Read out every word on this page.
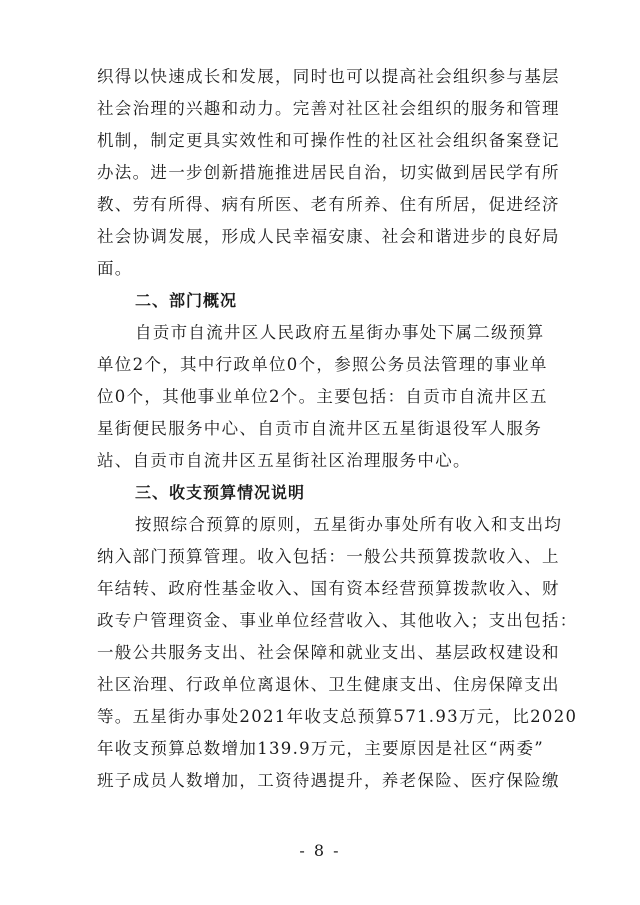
织得以快速成长和发展，同时也可以提高社会组织参与基层
社会治理的兴趣和动力。完善对社区社会组织的服务和管理
机制，制定更具实效性和可操作性的社区社会组织备案登记
办法。进一步创新措施推进居民自治，切实做到居民学有所
教、劳有所得、病有所医、老有所养、住有所居，促进经济
社会协调发展，形成人民幸福安康、社会和谐进步的良好局
面。
二、部门概况
自贡市自流井区人民政府五星街办事处下属二级预算
单位2个，其中行政单位0个，参照公务员法管理的事业单
位0个，其他事业单位2个。主要包括：自贡市自流井区五
星街便民服务中心、自贡市自流井区五星街退役军人服务
站、自贡市自流井区五星街社区治理服务中心。
三、收支预算情况说明
按照综合预算的原则，五星街办事处所有收入和支出均
纳入部门预算管理。收入包括：一般公共预算拨款收入、上
年结转、政府性基金收入、国有资本经营预算拨款收入、财
政专户管理资金、事业单位经营收入、其他收入；支出包括：
一般公共服务支出、社会保障和就业支出、基层政权建设和
社区治理、行政单位离退休、卫生健康支出、住房保障支出
等。五星街办事处2021年收支总预算571.93万元，比2020
年收支预算总数增加139.9万元，主要原因是社区“两委”
班子成员人数增加，工资待遇提升，养老保险、医疗保险缴
- 8 -
